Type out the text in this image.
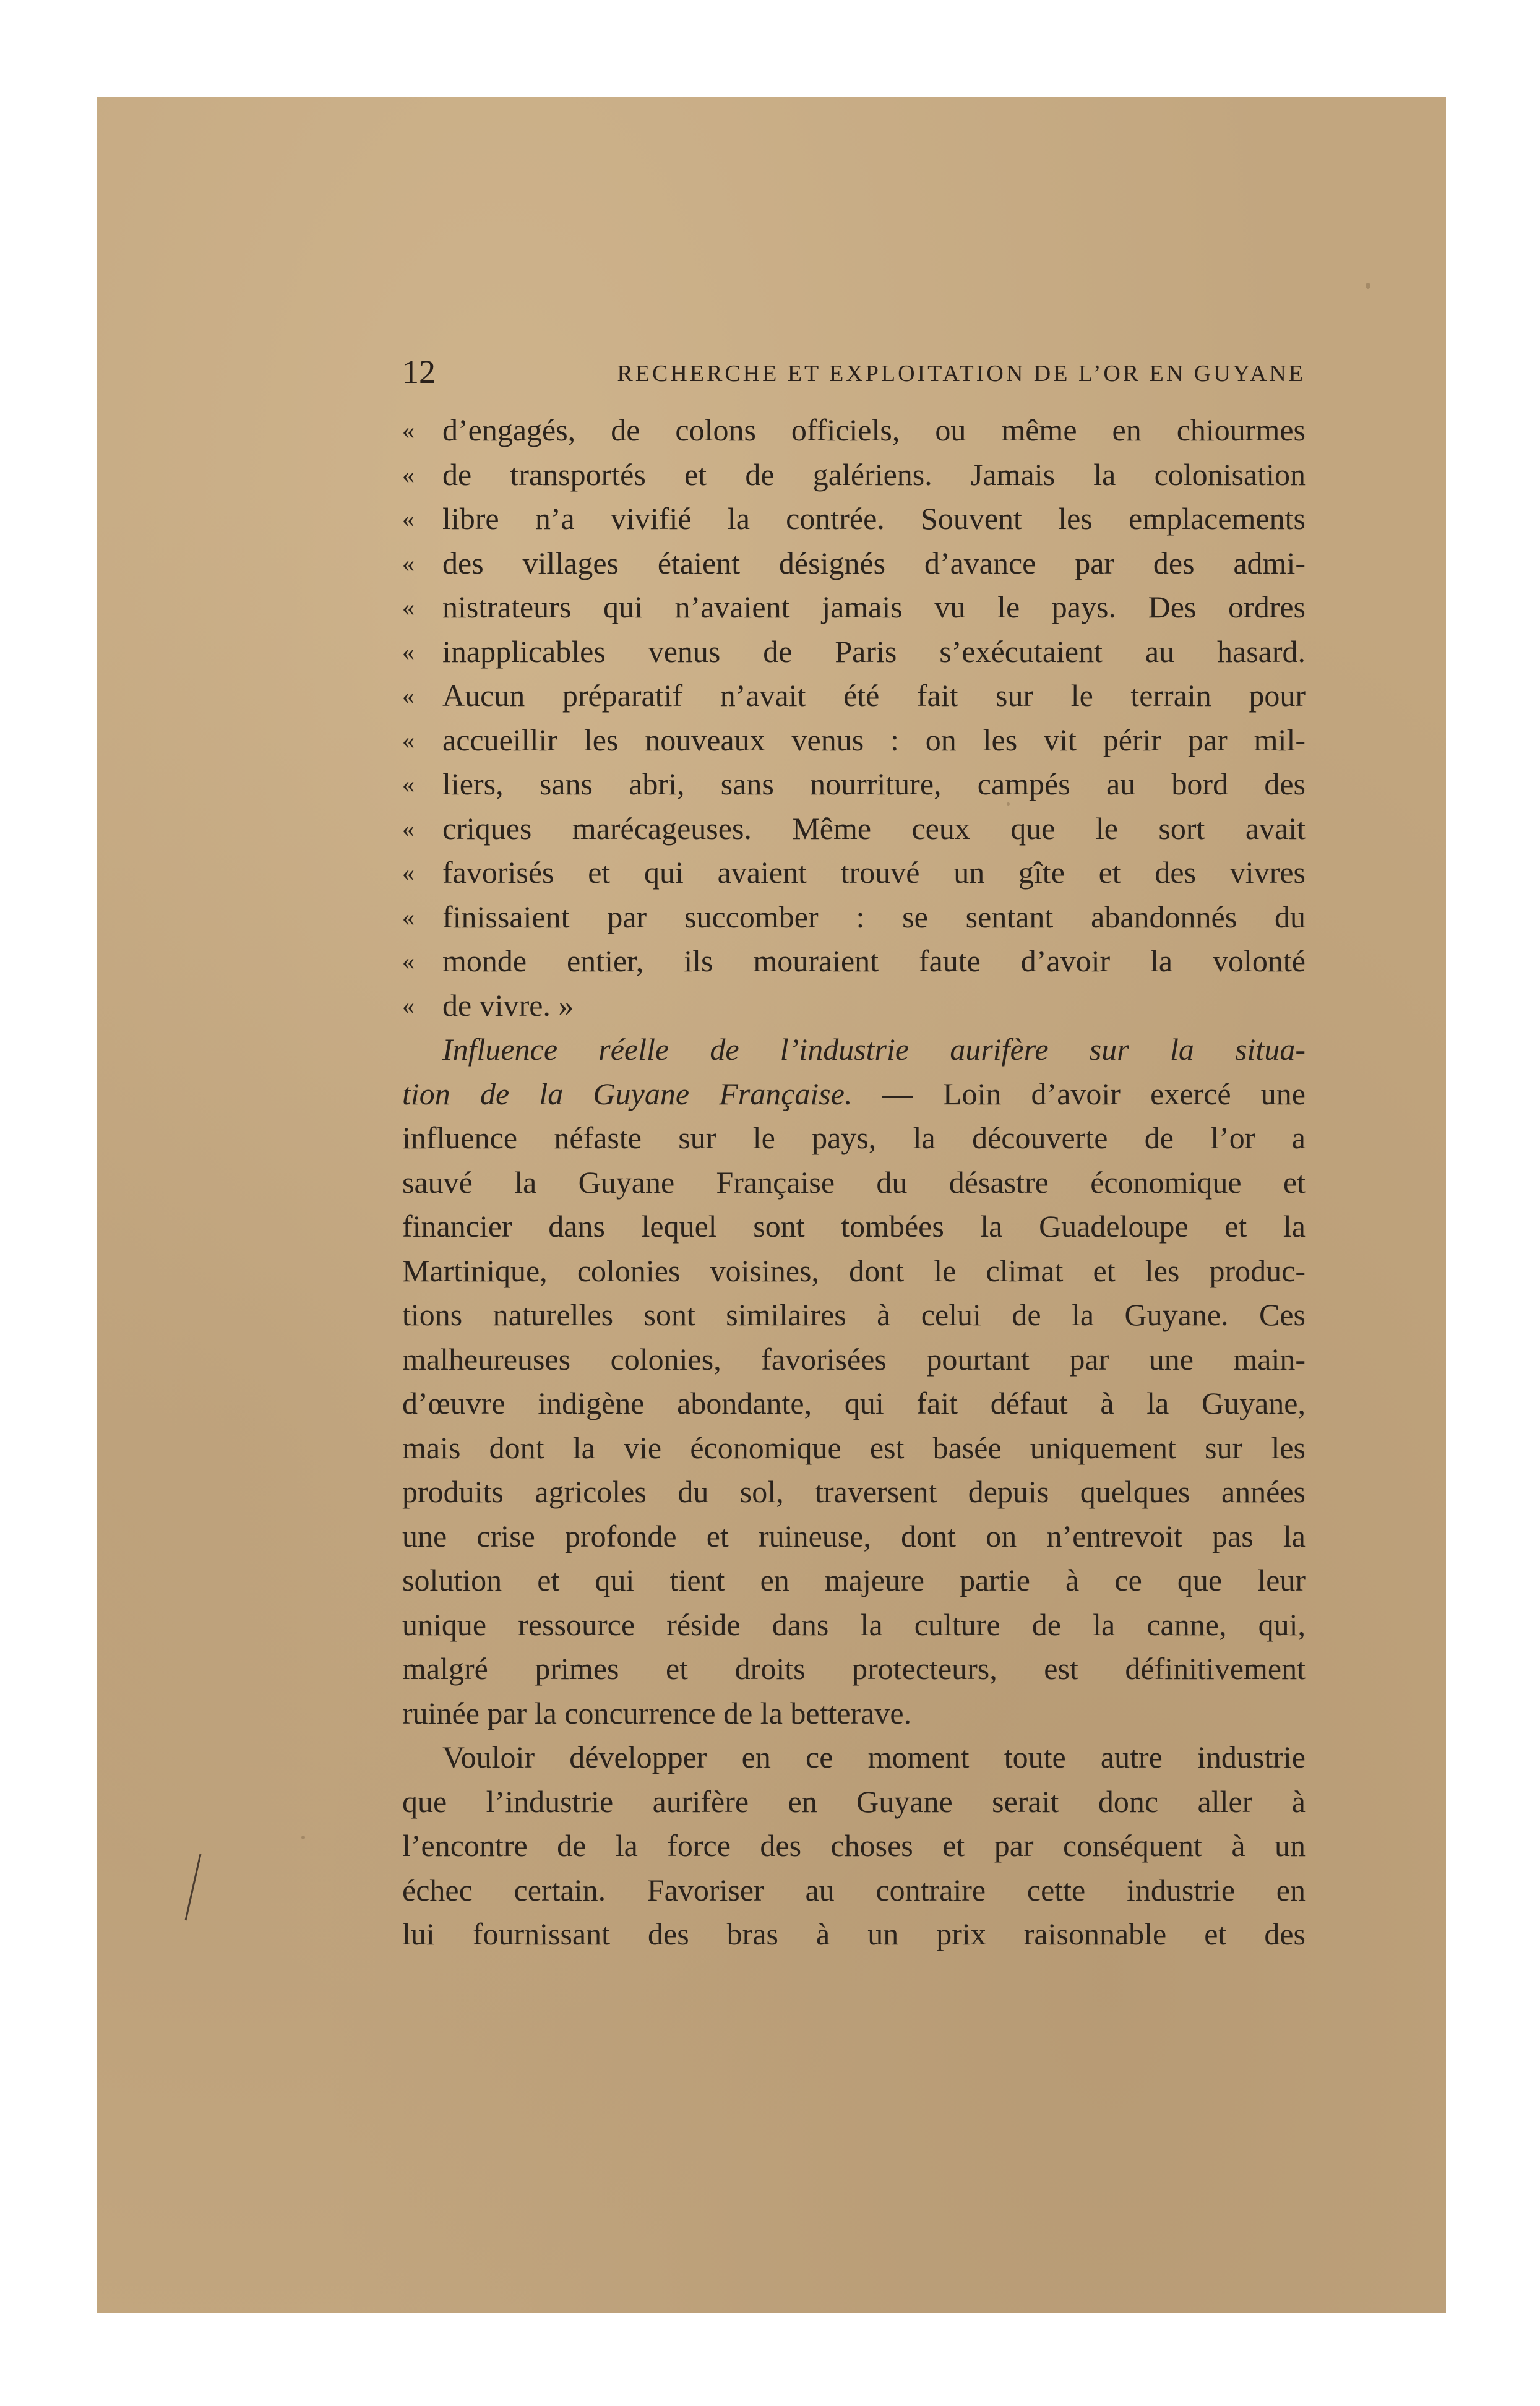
12	RECHERCHE ET EXPLOITATION DE L’OR EN GUYANE
« d’engagés, de colons officiels, ou même en chiourmes
« de transportés et de galériens. Jamais la colonisation
« libre n’a vivifié la contrée. Souvent les emplacements
« des villages étaient désignés d’avance par des admi-
« nistrateurs qui n’avaient jamais vu le pays. Des ordres
« inapplicables venus de Paris s’exécutaient au hasard.
« Aucun préparatif n’avait été fait sur le terrain pour
« accueillir les nouveaux venus : on les vit périr par mil-
« liers, sans abri, sans nourriture, campés au bord des
« criques marécageuses. Même ceux que le sort avait
« favorisés et qui avaient trouvé un gîte et des vivres
« finissaient par succomber : se sentant abandonnés du
« monde entier, ils mouraient faute d’avoir la volonté
« de vivre. »
Influence réelle de l’industrie aurifère sur la situa-
tion de la Guyane Française. — Loin d’avoir exercé une
influence néfaste sur le pays, la découverte de l’or a
sauvé la Guyane Française du désastre économique et
financier dans lequel sont tombées la Guadeloupe et la
Martinique, colonies voisines, dont le climat et les produc-
tions naturelles sont similaires à celui de la Guyane. Ces
malheureuses colonies, favorisées pourtant par une main-
d’œuvre indigène abondante, qui fait défaut à la Guyane,
mais dont la vie économique est basée uniquement sur les
produits agricoles du sol, traversent depuis quelques années
une crise profonde et ruineuse, dont on n’entrevoit pas la
solution et qui tient en majeure partie à ce que leur
unique ressource réside dans la culture de la canne, qui,
malgré primes et droits protecteurs, est définitivement
ruinée par la concurrence de la betterave.
Vouloir développer en ce moment toute autre industrie
que l’industrie aurifère en Guyane serait donc aller à
l’encontre de la force des choses et par conséquent à un
échec certain. Favoriser au contraire cette industrie en
lui fournissant des bras à un prix raisonnable et des
